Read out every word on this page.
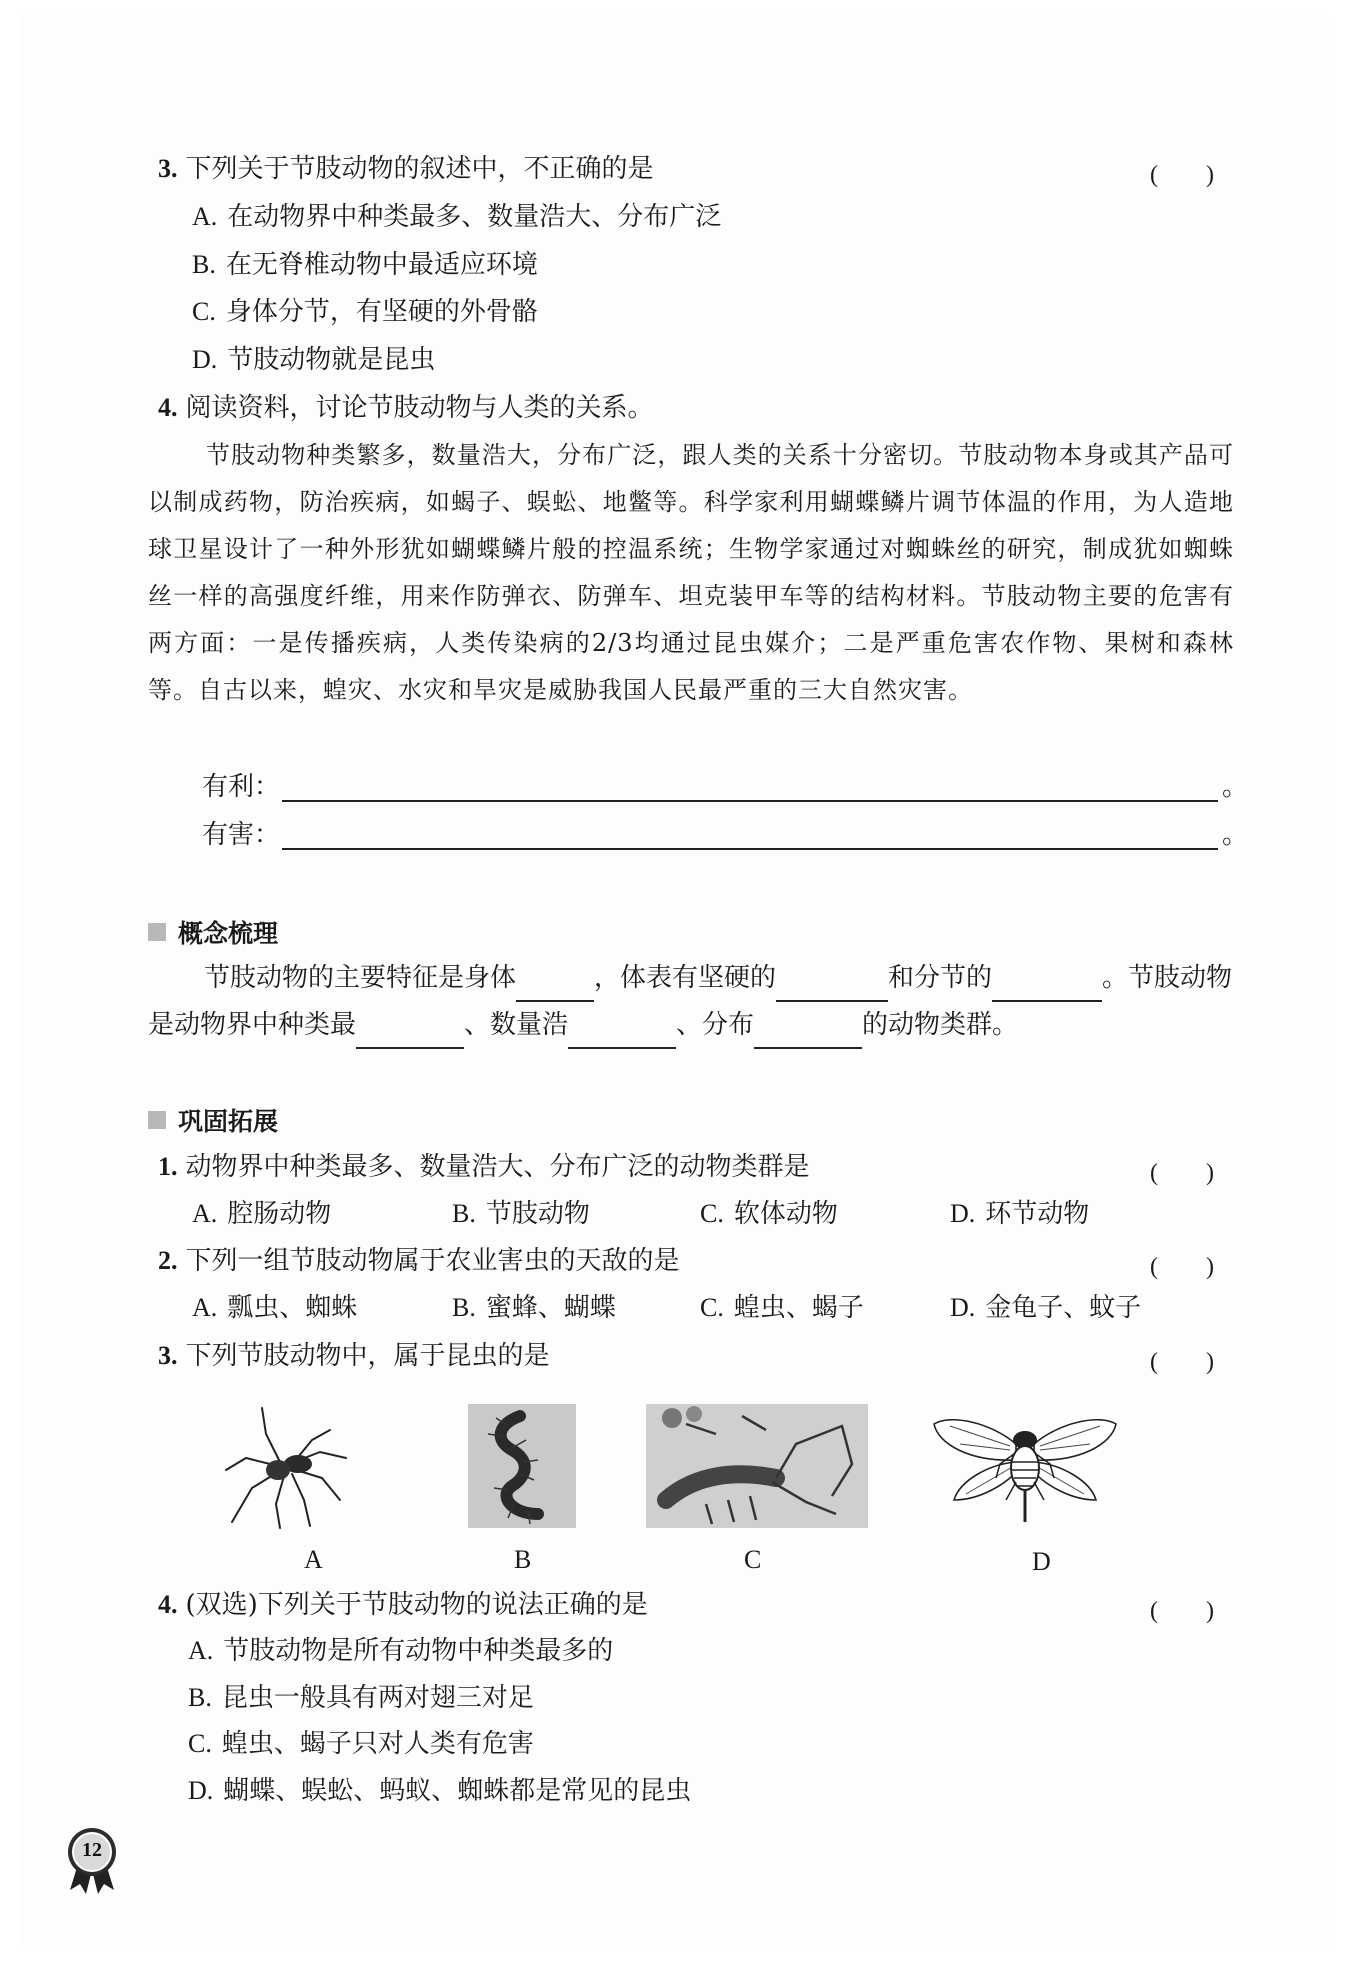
3. 下列关于节肢动物的叙述中，不正确的是	(　　)
A. 在动物界中种类最多、数量浩大、分布广泛
B. 在无脊椎动物中最适应环境
C. 身体分节，有坚硬的外骨骼
D. 节肢动物就是昆虫
4. 阅读资料，讨论节肢动物与人类的关系。
节肢动物种类繁多，数量浩大，分布广泛，跟人类的关系十分密切。节肢动物本身或其产品可以制成药物，防治疾病，如蝎子、蜈蚣、地鳖等。科学家利用蝴蝶鳞片调节体温的作用，为人造地球卫星设计了一种外形犹如蝴蝶鳞片般的控温系统；生物学家通过对蜘蛛丝的研究，制成犹如蜘蛛丝一样的高强度纤维，用来作防弹衣、防弹车、坦克装甲车等的结构材料。节肢动物主要的危害有两方面：一是传播疾病，人类传染病的2/3均通过昆虫媒介；二是严重危害农作物、果树和森林等。自古以来，蝗灾、水灾和旱灾是威胁我国人民最严重的三大自然灾害。
有利：	。
有害：	。
概念梳理
节肢动物的主要特征是身体	，体表有坚硬的	和分节的	。节肢动物是动物界中种类最	、数量浩	、分布	的动物类群。
巩固拓展
1. 动物界中种类最多、数量浩大、分布广泛的动物类群是	(　　)
A. 腔肠动物	B. 节肢动物	C. 软体动物	D. 环节动物
2. 下列一组节肢动物属于农业害虫的天敌的是	(　　)
A. 瓢虫、蜘蛛	B. 蜜蜂、蝴蝶	C. 蝗虫、蝎子	D. 金龟子、蚊子
3. 下列节肢动物中，属于昆虫的是	(　　)
A	B	C	D
4. (双选)下列关于节肢动物的说法正确的是	(　　)
A. 节肢动物是所有动物中种类最多的
B. 昆虫一般具有两对翅三对足
C. 蝗虫、蝎子只对人类有危害
D. 蝴蝶、蜈蚣、蚂蚁、蜘蛛都是常见的昆虫
12
